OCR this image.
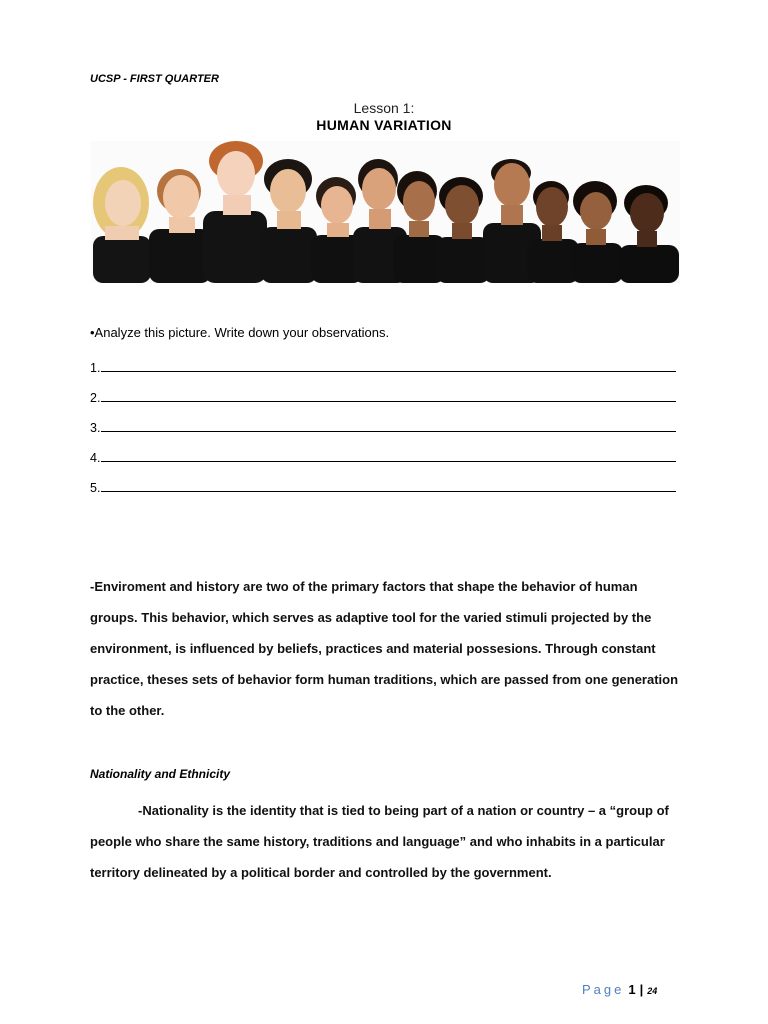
UCSP - FIRST QUARTER
Lesson 1:
HUMAN VARIATION
•Analyze this picture. Write down your observations.
1.
2.
3.
4.
5.
-Enviroment and history are two of the primary factors that shape the behavior of human groups. This behavior, which serves as adaptive tool for the varied stimuli projected by the environment, is influenced by beliefs, practices and material possesions. Through constant practice, theses sets of behavior form human traditions, which are passed from one generation to the other.
Nationality and Ethnicity
-Nationality is the identity that is tied to being part of a nation or country – a “group of people who share the same history, traditions and language” and who inhabits in a particular territory delineated by a political border and controlled by the government.
Page 1 | 24
